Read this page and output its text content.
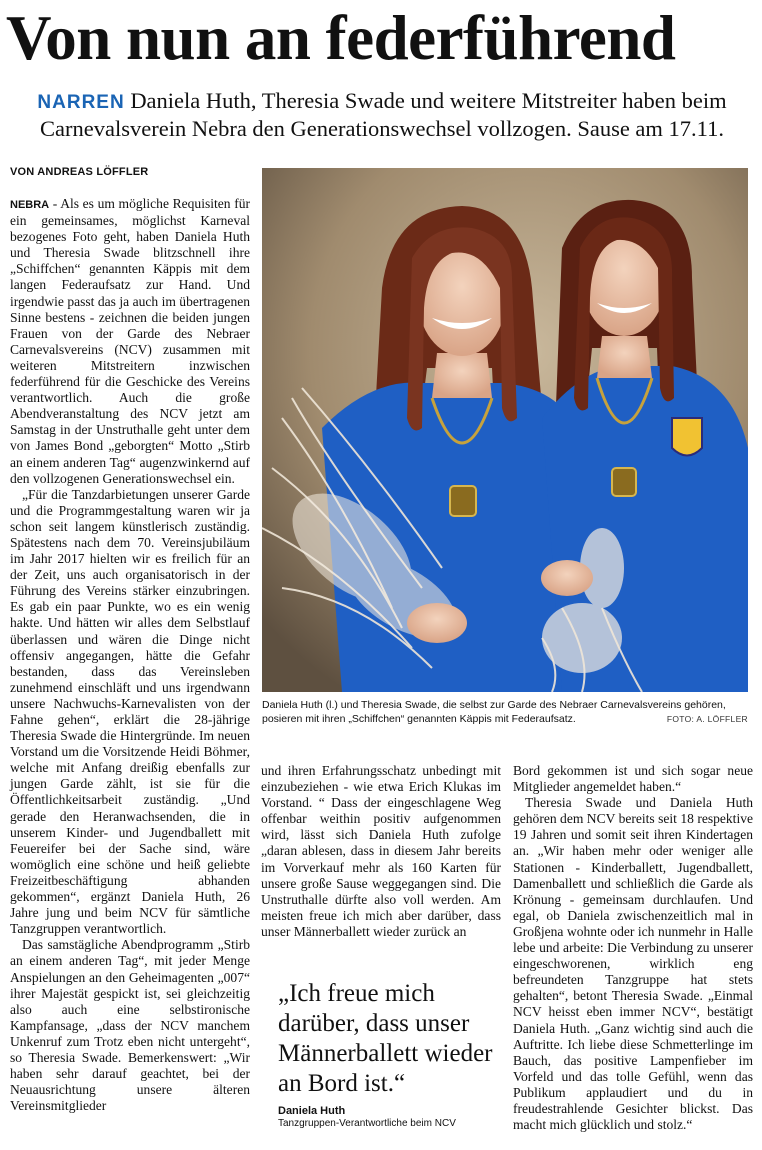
Von nun an federführend

NARREN Daniela Huth, Theresia Swade und weitere Mitstreiter haben beim Carnevalsverein Nebra den Generationswechsel vollzogen. Sause am 17.11.

VON ANDREAS LÖFFLER

NEBRA - Als es um mögliche Requisiten für ein gemeinsames, möglichst Karneval bezogenes Foto geht, haben Daniela Huth und Theresia Swade blitzschnell ihre „Schiffchen“ genannten Käppis mit dem langen Federaufsatz zur Hand. Und irgendwie passt das ja auch im übertragenen Sinne bestens - zeichnen die beiden jungen Frauen von der Garde des Nebraer Carnevalsvereins (NCV) zusammen mit weiteren Mitstreitern inzwischen federführend für die Geschicke des Vereins verantwortlich. Auch die große Abendveranstaltung des NCV jetzt am Samstag in der Unstruthalle geht unter dem von James Bond „geborgten“ Motto „Stirb an einem anderen Tag“ augenzwinkernd auf den vollzogenen Generationswechsel ein.

„Für die Tanzdarbietungen unserer Garde und die Programmgestaltung waren wir ja schon seit langem künstlerisch zuständig. Spätestens nach dem 70. Vereinsjubiläum im Jahr 2017 hielten wir es freilich für an der Zeit, uns auch organisatorisch in der Führung des Vereins stärker einzubringen. Es gab ein paar Punkte, wo es ein wenig hakte. Und hätten wir alles dem Selbstlauf überlassen und wären die Dinge nicht offensiv angegangen, hätte die Gefahr bestanden, dass das Vereinsleben zunehmend einschläft und uns irgendwann unsere Nachwuchs-Karnevalisten von der Fahne gehen“, erklärt die 28-jährige Theresia Swade die Hintergründe. Im neuen Vorstand um die Vorsitzende Heidi Böhmer, welche mit Anfang dreißig ebenfalls zur jungen Garde zählt, ist sie für die Öffentlichkeitsarbeit zuständig. „Und gerade den Heranwachsenden, die in unserem Kinder- und Jugendballett mit Feuereifer bei der Sache sind, wäre womöglich eine schöne und heiß geliebte Freizeitbeschäftigung abhanden gekommen“, ergänzt Daniela Huth, 26 Jahre jung und beim NCV für sämtliche Tanzgruppen verantwortlich.

Das samstägliche Abendprogramm „Stirb an einem anderen Tag“, mit jeder Menge Anspielungen an den Geheimagenten „007“ ihrer Majestät gespickt ist, sei gleichzeitig also auch eine selbstironische Kampfansage, „dass der NCV manchem Unkenruf zum Trotz eben nicht untergeht“, so Theresia Swade. Bemerkenswert: „Wir haben sehr darauf geachtet, bei der Neuausrichtung unsere älteren Vereinsmitglieder

Daniela Huth (l.) und Theresia Swade, die selbst zur Garde des Nebraer Carnevalsvereins gehören, posieren mit ihren „Schiffchen“ genannten Käppis mit Federaufsatz.	FOTO: A. LÖFFLER

und ihren Erfahrungsschatz unbedingt mit einzubeziehen - wie etwa Erich Klukas im Vorstand. “ Dass der eingeschlagene Weg offenbar weithin positiv aufgenommen wird, lässt sich Daniela Huth zufolge „daran ablesen, dass in diesem Jahr bereits im Vorverkauf mehr als 160 Karten für unsere große Sause weggegangen sind. Die Unstruthalle dürfte also voll werden. Am meisten freue ich mich aber darüber, dass unser Männerballett wieder zurück an

„Ich freue mich darüber, dass unser Männerballett wieder an Bord ist.“

Daniela Huth
Tanzgruppen-Verantwortliche beim NCV

Bord gekommen ist und sich sogar neue Mitglieder angemeldet haben.“

Theresia Swade und Daniela Huth gehören dem NCV bereits seit 18 respektive 19 Jahren und somit seit ihren Kindertagen an. „Wir haben mehr oder weniger alle Stationen - Kinderballett, Jugendballett, Damenballett und schließlich die Garde als Krönung - gemeinsam durchlaufen. Und egal, ob Daniela zwischenzeitlich mal in Großjena wohnte oder ich nunmehr in Halle lebe und arbeite: Die Verbindung zu unserer eingeschworenen, wirklich eng befreundeten Tanzgruppe hat stets gehalten“, betont Theresia Swade. „Einmal NCV heisst eben immer NCV“, bestätigt Daniela Huth. „Ganz wichtig sind auch die Auftritte. Ich liebe diese Schmetterlinge im Bauch, das positive Lampenfieber im Vorfeld und das tolle Gefühl, wenn das Publikum applaudiert und du in freudestrahlende Gesichter blickst. Das macht mich glücklich und stolz.“
